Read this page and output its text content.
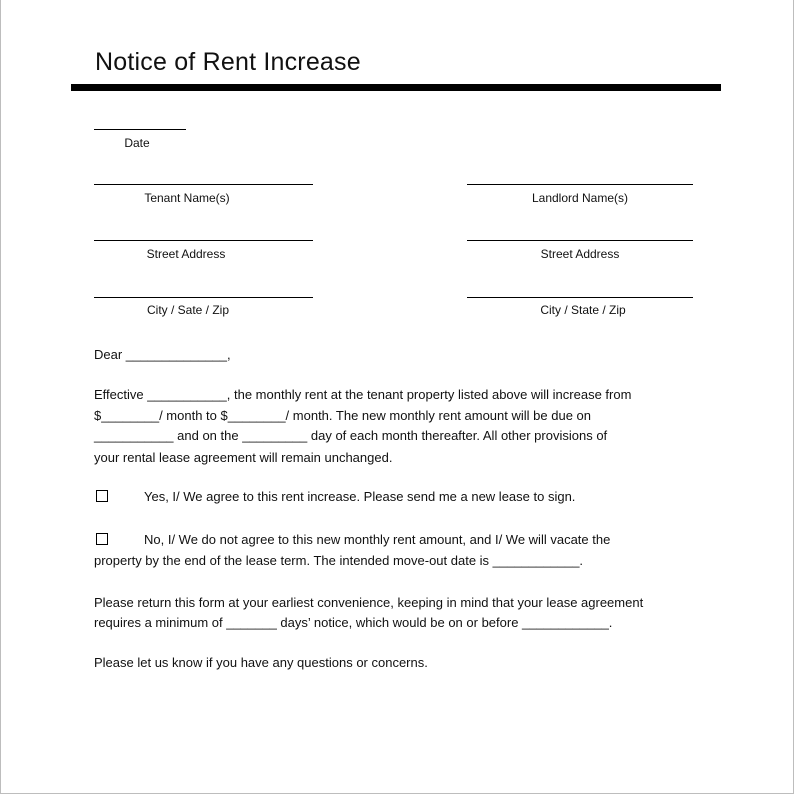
Notice of Rent Increase
Date
Tenant Name(s)	Landlord Name(s)
Street Address	Street Address
City / Sate / Zip	City / State / Zip
Dear ______________,
Effective ___________, the monthly rent at the tenant property listed above will increase from
$________/ month to $________/ month. The new monthly rent amount will be due on
___________ and on the _________ day of each month thereafter. All other provisions of
your rental lease agreement will remain unchanged.
Yes, I/ We agree to this rent increase. Please send me a new lease to sign.
No, I/ We do not agree to this new monthly rent amount, and I/ We will vacate the
property by the end of the lease term. The intended move-out date is ____________.
Please return this form at your earliest convenience, keeping in mind that your lease agreement
requires a minimum of _______ days’ notice, which would be on or before ____________.
Please let us know if you have any questions or concerns.
